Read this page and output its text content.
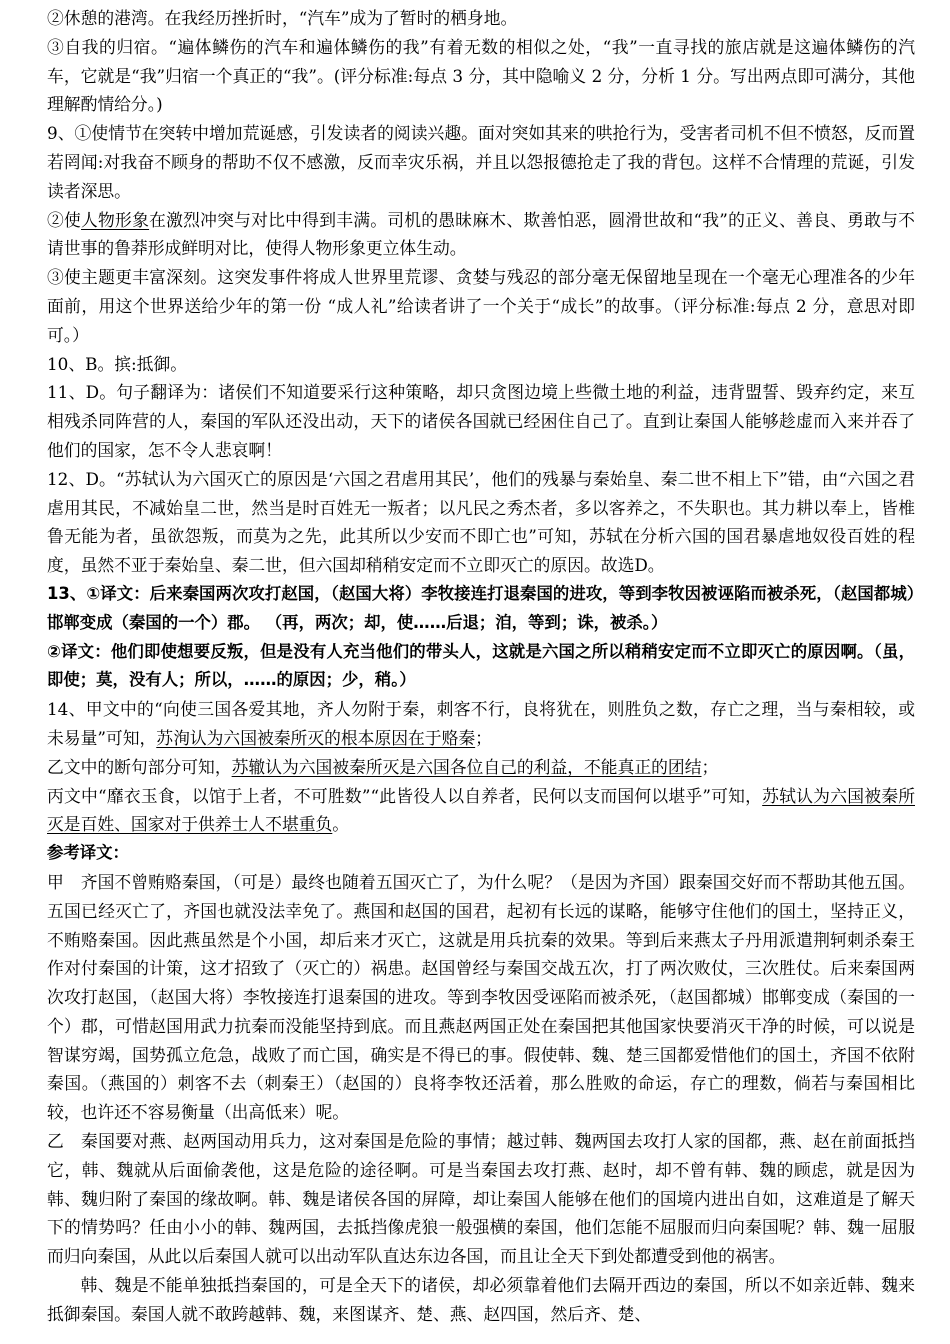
②休憩的港湾。在我经历挫折时，“汽车”成为了暂时的栖身地。

③自我的归宿。“遍体鳞伤的汽车和遍体鳞伤的我”有着无数的相似之处，“我”一直寻找的旅店就是这遍体鳞伤的汽车，它就是“我”归宿一个真正的“我”。(评分标准:每点 3 分，其中隐喻义 2 分，分析 1 分。写出两点即可满分，其他理解酌情给分。)

9、①使情节在突转中增加荒诞感，引发读者的阅读兴趣。面对突如其来的哄抢行为，受害者司机不但不愤怒，反而置若罔闻:对我奋不顾身的帮助不仅不感激，反而幸灾乐祸，并且以怨报德抢走了我的背包。这样不合情理的荒诞，引发读者深思。

②使人物形象在激烈冲突与对比中得到丰满。司机的愚昧麻木、欺善怕恶，圆滑世故和“我”的正义、善良、勇敢与不请世事的鲁莽形成鲜明对比，使得人物形象更立体生动。

③使主题更丰富深刻。这突发事件将成人世界里荒谬、贪婪与残忍的部分毫无保留地呈现在一个毫无心理准各的少年面前，用这个世界送给少年的第一份 “成人礼”给读者讲了一个关于“成长”的故事。（评分标准:每点 2 分，意思对即可。）

10、B。摈:抵御。

11、D。句子翻译为：诸侯们不知道要采行这种策略，却只贪图边境上些微土地的利益，违背盟誓、毁弃约定，来互相残杀同阵营的人，秦国的军队还没出动，天下的诸侯各国就已经困住自己了。直到让秦国人能够趁虚而入来并吞了他们的国家，怎不令人悲哀啊！

12、D。“苏轼认为六国灭亡的原因是‘六国之君虐用其民’，他们的残暴与秦始皇、秦二世不相上下”错，由“六国之君虐用其民，不减始皇二世，然当是时百姓无一叛者；以凡民之秀杰者，多以客养之，不失职也。其力耕以奉上，皆椎鲁无能为者，虽欲怨叛，而莫为之先，此其所以少安而不即亡也”可知，苏轼在分析六国的国君暴虐地奴役百姓的程度，虽然不亚于秦始皇、秦二世，但六国却稍稍安定而不立即灭亡的原因。故选D。

13、①译文：后来秦国两次攻打赵国，（赵国大将）李牧接连打退秦国的进攻，等到李牧因被诬陷而被杀死，（赵国都城）邯郸变成（秦国的一个）郡。 （再，两次；却，使……后退；洎，等到；诛，被杀。）

②译文：他们即使想要反叛，但是没有人充当他们的带头人，这就是六国之所以稍稍安定而不立即灭亡的原因啊。（虽，即使；莫，没有人；所以，……的原因；少，稍。）

14、甲文中的“向使三国各爱其地，齐人勿附于秦，刺客不行，良将犹在，则胜负之数，存亡之理，当与秦相较，或未易量”可知，苏洵认为六国被秦所灭的根本原因在于赂秦；

乙文中的断句部分可知，苏辙认为六国被秦所灭是六国各位自己的利益，不能真正的团结；

丙文中“靡衣玉食，以馆于上者，不可胜数”“此皆役人以自养者，民何以支而国何以堪乎”可知，苏轼认为六国被秦所灭是百姓、国家对于供养士人不堪重负。

参考译文：

甲　齐国不曾贿赂秦国，（可是）最终也随着五国灭亡了，为什么呢？（是因为齐国）跟秦国交好而不帮助其他五国。五国已经灭亡了，齐国也就没法幸免了。燕国和赵国的国君，起初有长远的谋略，能够守住他们的国土，坚持正义，不贿赂秦国。因此燕虽然是个小国，却后来才灭亡，这就是用兵抗秦的效果。等到后来燕太子丹用派遣荆轲刺杀秦王作对付秦国的计策，这才招致了（灭亡的）祸患。赵国曾经与秦国交战五次，打了两次败仗，三次胜仗。后来秦国两次攻打赵国，（赵国大将）李牧接连打退秦国的进攻。等到李牧因受诬陷而被杀死，（赵国都城）邯郸变成（秦国的一个）郡，可惜赵国用武力抗秦而没能坚持到底。而且燕赵两国正处在秦国把其他国家快要消灭干净的时候，可以说是智谋穷竭，国势孤立危急，战败了而亡国，确实是不得已的事。假使韩、魏、楚三国都爱惜他们的国土，齐国不依附秦国。（燕国的）刺客不去（刺秦王）（赵国的）良将李牧还活着，那么胜败的命运，存亡的理数，倘若与秦国相比较，也许还不容易衡量（出高低来）呢。

乙　秦国要对燕、赵两国动用兵力，这对秦国是危险的事情；越过韩、魏两国去攻打人家的国都，燕、赵在前面抵挡它，韩、魏就从后面偷袭他，这是危险的途径啊。可是当秦国去攻打燕、赵时，却不曾有韩、魏的顾虑，就是因为韩、魏归附了秦国的缘故啊。韩、魏是诸侯各国的屏障，却让秦国人能够在他们的国境内进出自如，这难道是了解天下的情势吗？任由小小的韩、魏两国，去抵挡像虎狼一般强横的秦国，他们怎能不屈服而归向秦国呢？韩、魏一屈服而归向秦国，从此以后秦国人就可以出动军队直达东边各国，而且让全天下到处都遭受到他的祸害。

韩、魏是不能单独抵挡秦国的，可是全天下的诸侯，却必须靠着他们去隔开西边的秦国，所以不如亲近韩、魏来抵御秦国。秦国人就不敢跨越韩、魏，来图谋齐、楚、燕、赵四国，然后齐、楚、
